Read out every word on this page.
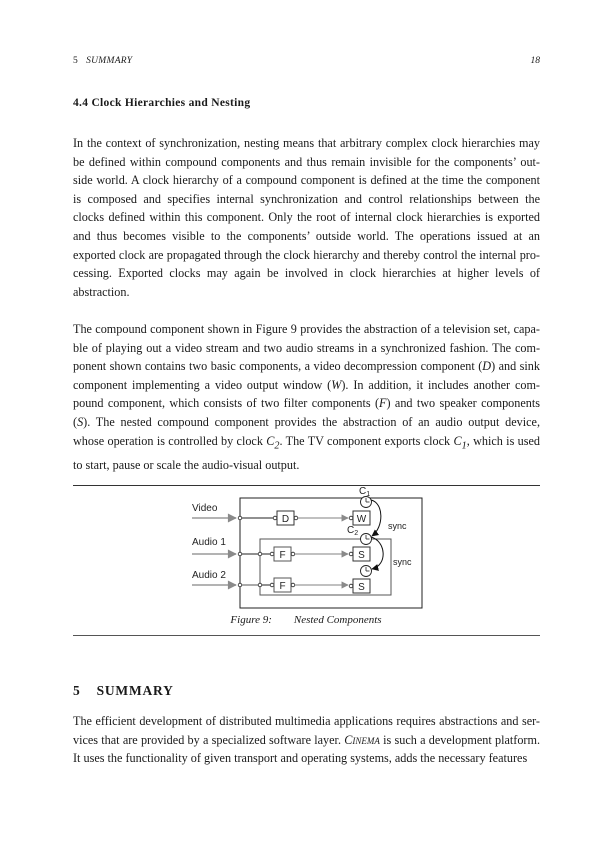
5 SUMMARY	18
4.4 Clock Hierarchies and Nesting

In the context of synchronization, nesting means that arbitrary complex clock hierarchies may be defined within compound components and thus remain invisible for the components’ out-side world. A clock hierarchy of a compound component is defined at the time the component is composed and specifies internal synchronization and control relationships between the clocks defined within this component. Only the root of internal clock hierarchies is exported and thus becomes visible to the components’ outside world. The operations issued at an exported clock are propagated through the clock hierarchy and thereby control the internal pro-cessing. Exported clocks may again be involved in clock hierarchies at higher levels of abstraction.

The compound component shown in Figure 9 provides the abstraction of a television set, capa-ble of playing out a video stream and two audio streams in a synchronized fashion. The com-ponent shown contains two basic components, a video decompression component (D) and sink component implementing a video output window (W). In addition, it includes another com-pound component, which consists of two filter components (F) and two speaker components (S). The nested compound component provides the abstraction of an audio output device, whose operation is controlled by clock $C_2$. The TV component exports clock $C_1$, which is used to start, pause or scale the audio-visual output.

Video
Audio 1
Audio 2
D	W
F	S
F	S
$C_1$
$C_2$
sync
sync
Figure 9: Nested Components
5 SUMMARY

The efficient development of distributed multimedia applications requires abstractions and ser-vices that are provided by a specialized software layer. Cinema is such a development platform. It uses the functionality of given transport and operating systems, adds the necessary features
